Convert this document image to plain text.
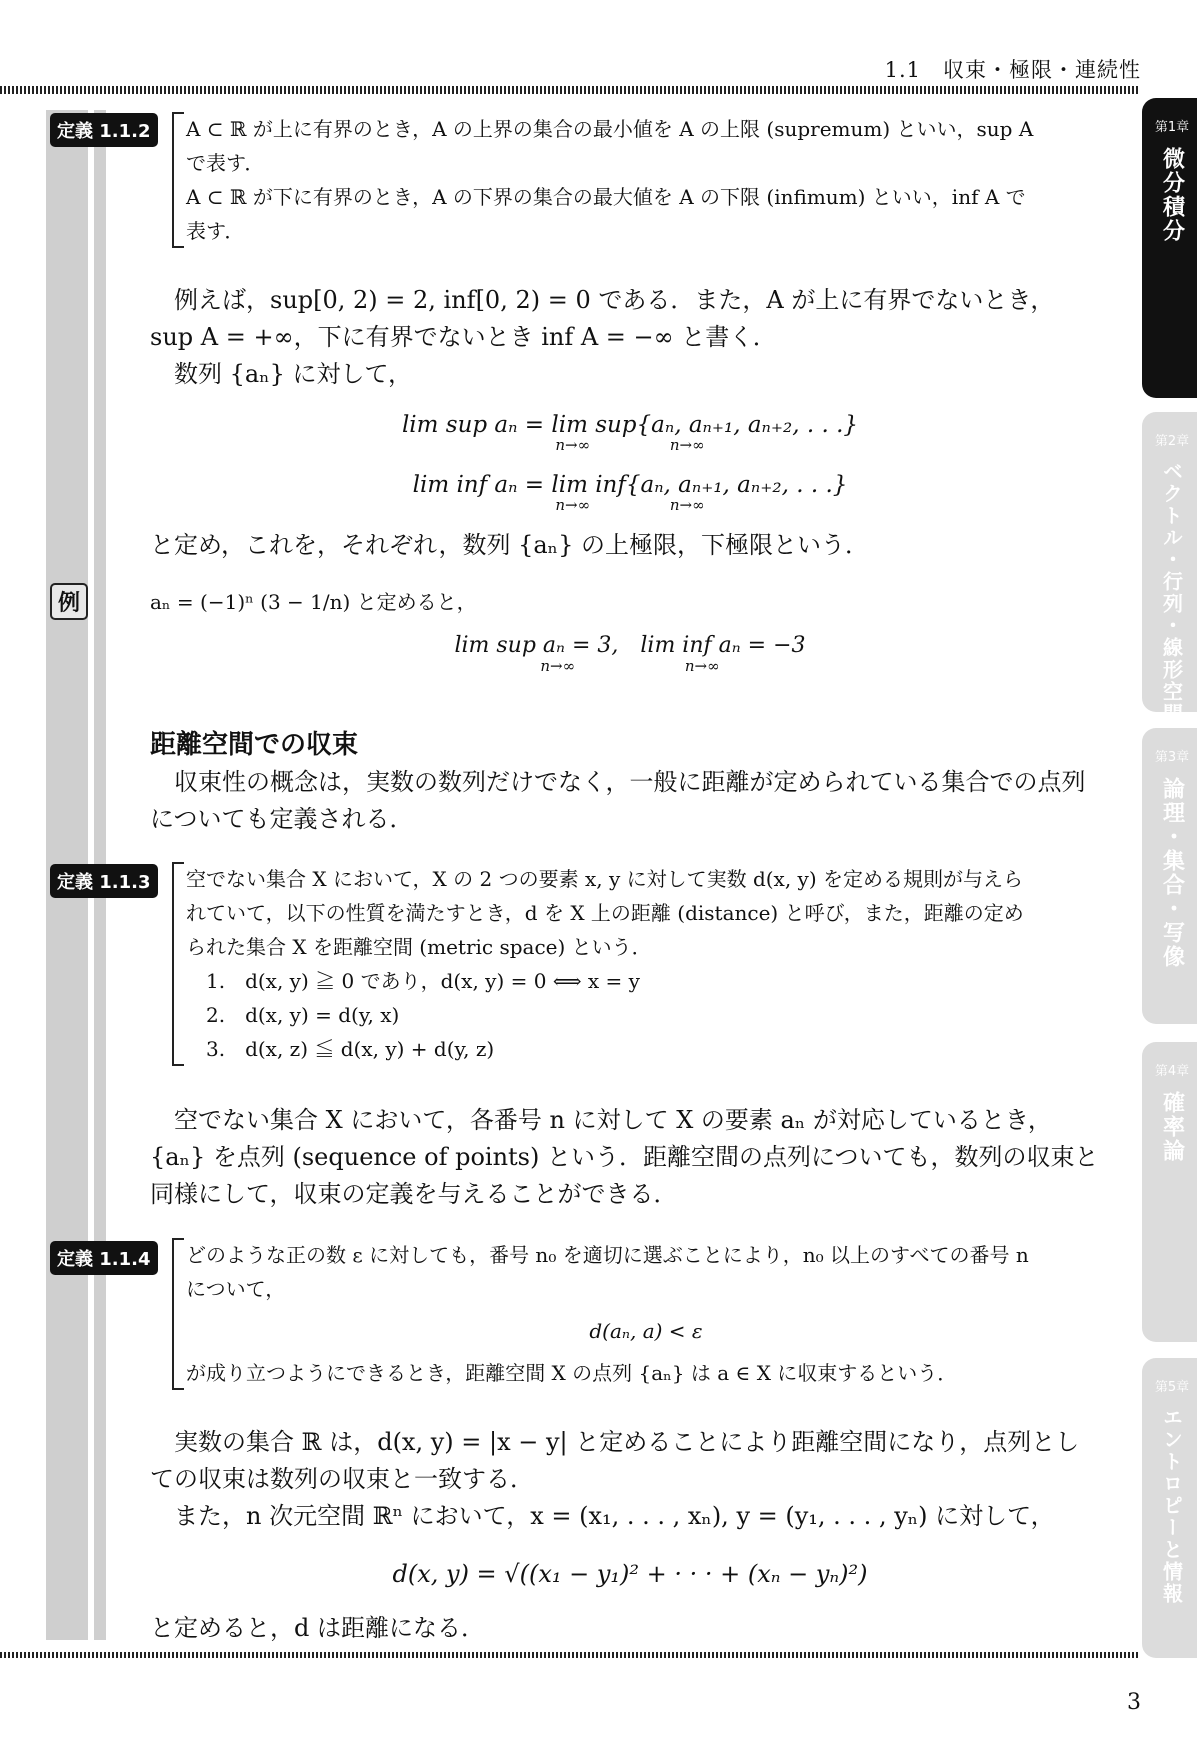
1.1　収束・極限・連続性
定義 1.1.2	A ⊂ ℝ が上に有界のとき，A の上界の集合の最小値を A の上限 (supremum) といい，sup A
で表す．
A ⊂ ℝ が下に有界のとき，A の下界の集合の最大値を A の下限 (infimum) といい，inf A で
表す．
例えば，sup[0, 2) = 2, inf[0, 2) = 0 である．また，A が上に有界でないとき，
sup A = +∞，下に有界でないとき inf A = −∞ と書く．
数列 {aₙ} に対して，
lim sup aₙ = lim sup{aₙ, aₙ₊₁, aₙ₊₂, . . .}
n→∞　　　　　 n→∞
lim inf aₙ = lim inf{aₙ, aₙ₊₁, aₙ₊₂, . . .}
n→∞　　　　　 n→∞
と定め，これを，それぞれ，数列 {aₙ} の上極限，下極限という．
例	aₙ = (−1)ⁿ (3 − 1/n) と定めると，
lim sup aₙ = 3,　lim inf aₙ = −3
n→∞　　　　　　　 n→∞
距離空間での収束
収束性の概念は，実数の数列だけでなく，一般に距離が定められている集合での点列
についても定義される．
定義 1.1.3	空でない集合 X において，X の 2 つの要素 x, y に対して実数 d(x, y) を定める規則が与えら
れていて，以下の性質を満たすとき，d を X 上の距離 (distance) と呼び，また，距離の定め
られた集合 X を距離空間 (metric space) という．
1.　d(x, y) ≧ 0 であり，d(x, y) = 0 ⟺ x = y
2.　d(x, y) = d(y, x)
3.　d(x, z) ≦ d(x, y) + d(y, z)
空でない集合 X において，各番号 n に対して X の要素 aₙ が対応しているとき，
{aₙ} を点列 (sequence of points) という．距離空間の点列についても，数列の収束と
同様にして，収束の定義を与えることができる．
定義 1.1.4	どのような正の数 ε に対しても，番号 n₀ を適切に選ぶことにより，n₀ 以上のすべての番号 n
について，
d(aₙ, a) < ε
が成り立つようにできるとき，距離空間 X の点列 {aₙ} は a ∈ X に収束するという．
実数の集合 ℝ は，d(x, y) = |x − y| と定めることにより距離空間になり，点列とし
ての収束は数列の収束と一致する．
また，n 次元空間 ℝⁿ において，x = (x₁, . . . , xₙ), y = (y₁, . . . , yₙ) に対して，
d(x, y) = √((x₁ − y₁)² + · · · + (xₙ − yₙ)²)
と定めると，d は距離になる．
第1章
微分積分
第2章
ベクトル・行列・線形空間
第3章
論理・集合・写像
第4章
確率論
第5章
エントロピーと情報
3
